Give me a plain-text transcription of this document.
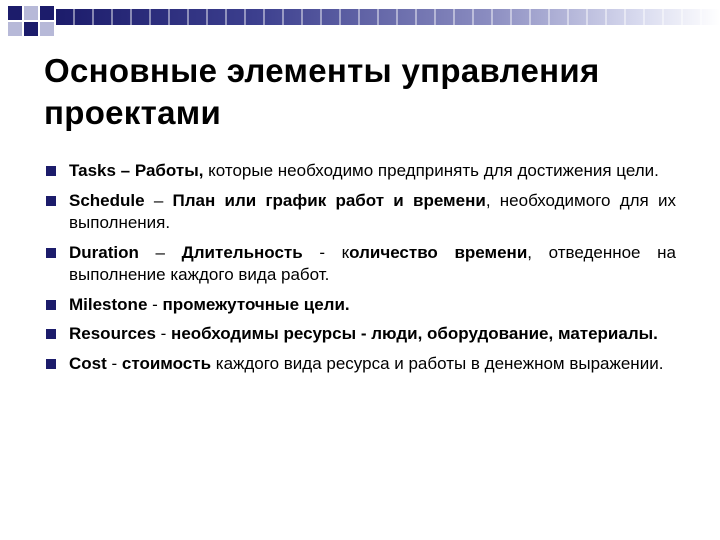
Основные элементы управления проектами
Tasks – Работы, которые необходимо предпринять для достижения цели.
Schedule – План или график работ и времени, необходимого для их выполнения.
Duration – Длительность - количество времени, отведенное на выполнение каждого вида работ.
Milestone - промежуточные цели.
Resources - необходимы ресурсы - люди, оборудование, материалы.
Cost - стоимость каждого вида ресурса и работы в денежном выражении.
